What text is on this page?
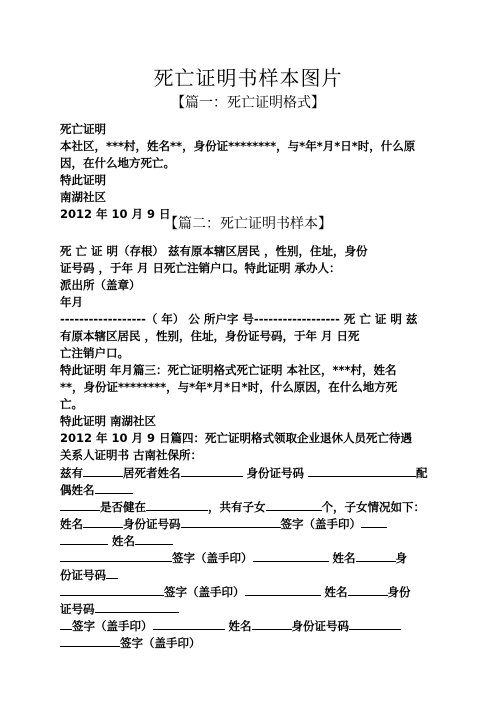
死亡证明书样本图片
【篇一：死亡证明格式】
死亡证明
本社区，***村，姓名**，身份证********，与*年*月*日*时，什么原
因，在什么地方死亡。
特此证明
南湖社区
2012 年 10 月 9 日
【篇二：死亡证明书样本】
死 亡 证 明（存根） 兹有原本辖区居民 ，性别，住址，身份
证号码 ，于年 月 日死亡注销户口。特此证明 承办人：
派出所（盖章）
年月
------------------（ 年） 公 所户字 号------------------ 死 亡 证 明 兹
有原本辖区居民 ，性别，住址，身份证号码，于年 月 日死
亡注销户口。
特此证明 年月篇三：死亡证明格式死亡证明 本社区，***村，姓名
**，身份证********，与*年*月*日*时，什么原因，在什么地方死
亡。
特此证明 南湖社区
2012 年 10 月 9 日篇四：死亡证明格式领取企业退休人员死亡待遇
关系人证明书 古南社保所：
兹有	居死者姓名	身份证号码	配
偶姓名
是否健在	，共有子女	个，子女情况如下：
姓名	身份证号码	签字（盖手印）
姓名
签字（盖手印）	姓名	身
份证号码
签字（盖手印）	姓名	身份
证号码
签字（盖手印）	姓名	身份证号码
签字（盖手印）
